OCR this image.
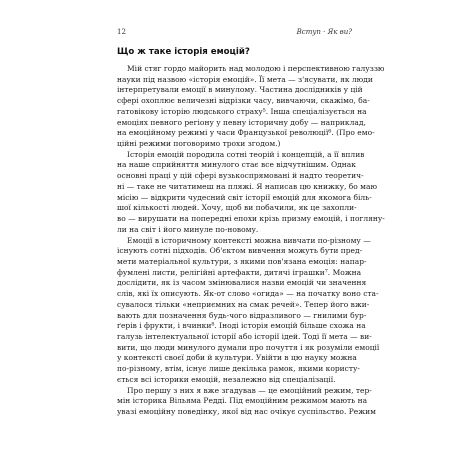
12	Вступ · Як ви?
Що ж таке історія емоцій?
Мій стяг гордо майорить над молодою і перспективною галуззю
науки під назвою «історія емоцій». Її мета — з'ясувати, як люди
інтерпретували емоції в минулому. Частина дослідників у цій
сфері охоплює величезні відрізки часу, вивчаючи, скажімо, ба-
гатовікову історію людського страху⁵. Інша спеціалізується на
емоціях певного регіону у певну історичну добу — наприклад,
на емоційному режимі у часи Французької революції⁶. (Про емо-
ційні режими поговоримо трохи згодом.)
Історія емоцій породила сотні теорій і концепцій, а її вплив
на наше сприйняття минулого стає все відчутнішим. Однак
основні праці у цій сфері вузькоспрямовані й надто теоретич-
ні — таке не читатимеш на пляжі. Я написав цю книжку, бо маю
місію — відкрити чудесний світ історії емоцій для якомога біль-
шої кількості людей. Хочу, щоб ви побачили, як це захопли-
во — вирушати на попередні епохи крізь призму емоцій, і погляну-
ли на світ і його минуле по-новому.
Емоції в історичному контексті можна вивчати по-різному —
існують сотні підходів. Об'єктом вивчення можуть бути пред-
мети матеріальної культури, з якими пов'язана емоція: напар-
фумлені листи, релігійні артефакти, дитячі іграшки⁷. Можна
дослідити, як із часом змінювалися назви емоцій чи значення
слів, які їх описують. Як-от слово «огида» — на початку воно ста-
сувалося тільки «неприємних на смак речей». Тепер його вжи-
вають для позначення будь-чого відразливого — гнилими бур-
ґерів і фрукти, і вчинки⁸. Іноді історія емоцій більше схожа на
галузь інтелектуальної історії або історії ідей. Тоді її мета — ви-
вити, що люди минулого думали про почуття і як розуміли емоції
у контексті своєї доби й культури. Увійти в цю науку можна
по-різному, втім, існує лише декілька рамок, якими користу-
ється всі історики емоцій, незалежно від спеціалізації.
Про першу з них я вже згадував — це емоційний режим, тер-
мін історика Вільяма Редді. Під емоційним режимом мають на
увазі емоційну поведінку, якої від нас очікує суспільство. Режим
